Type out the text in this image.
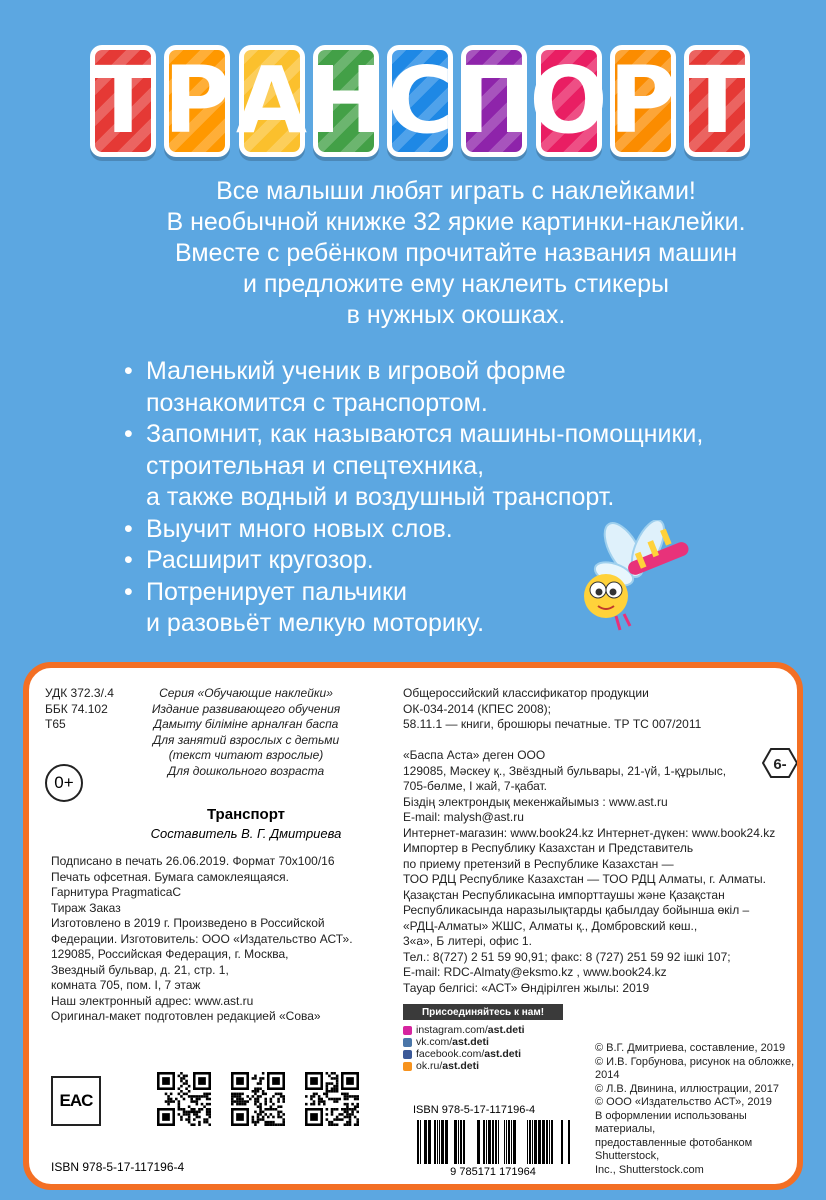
Т Р А Н С П
О Р Т
Все малыши любят играть с наклейками!
В необычной книжке 32 яркие картинки-наклейки.
Вместе с ребёнком прочитайте названия машин
и предложите ему наклеить стикеры
в нужных окошках.
• Маленький ученик в игровой форме
познакомится с транспортом.
• Запомнит, как называются машины-помощники,
строительная и спецтехника,
а также водный и воздушный транспорт.
• Выучит много новых слов.
• Расширит кругозор.
• Потренирует пальчики
и разовьёт мелкую моторику.
УДК 372.3/.4
ББК 74.102
Т65
0+
Серия «Обучающие наклейки»
Издание развивающего обучения
Дамыту біліміне арналған баспа
Для занятий взрослых с детьми
(текст читают взрослые)
Для дошкольного возраста
Транспорт
Составитель В. Г. Дмитриева
Подписано в печать 26.06.2019. Формат 70х100/16
Печать офсетная. Бумага самоклеящаяся.
Гарнитура PragmaticaC
Тираж Заказ
Изготовлено в 2019 г. Произведено в Российской
Федерации. Изготовитель: ООО «Издательство АСТ».
129085, Российская Федерация, г. Москва,
Звездный бульвар, д. 21, стр. 1,
комната 705, пом. I, 7 этаж
Наш электронный адрес: www.ast.ru
Оригинал-макет подготовлен редакцией «Сова»
Общероссийский классификатор продукции
ОК-034-2014 (КПЕС 2008);
58.11.1 — книги, брошюры печатные. ТР ТС 007/2011

«Баспа Аста» деген ООО
129085, Мәскеу қ., Звёздный бульвары, 21-үй, 1-құрылыс,
705-бөлме, I жай, 7-қабат.
Біздің электрондық мекенжайымыз : www.ast.ru
E-mail: malysh@ast.ru
Интернет-магазин: www.book24.kz Интернет-дүкен: www.book24.kz
Импортер в Республику Казахстан и Представитель
по приему претензий в Республике Казахстан —
ТОО РДЦ Республике Казахстан — ТОО РДЦ Алматы, г. Алматы.
Қазақстан Республикасына импорттаушы және Қазақстан
Республикасында наразылықтарды қабылдау бойынша өкіл –
«РДЦ-Алматы» ЖШС, Алматы қ., Домбровский көш.,
3«а», Б литері, офис 1.
Тел.: 8(727) 2 51 59 90,91; факс: 8 (727) 251 59 92 ішкі 107;
E-mail: RDC-Almaty@eksmo.kz , www.book24.kz
Тауар белгісі: «АСТ» Өндірілген жылы: 2019
6-
Присоединяйтесь к нам!
instagram.com/ast.deti
vk.com/ast.deti
facebook.com/ast.deti
ok.ru/ast.deti
EAC
ISBN 978-5-17-117196-4
ISBN 978-5-17-117196-4
9 785171 171964
© В.Г. Дмитриева, составление, 2019
© И.В. Горбунова, рисунок на обложке, 2014
© Л.В. Двинина, иллюстрации, 2017
© ООО «Издательство АСТ», 2019
В оформлении использованы материалы,
предоставленные фотобанком Shutterstock,
Inc., Shutterstock.com
